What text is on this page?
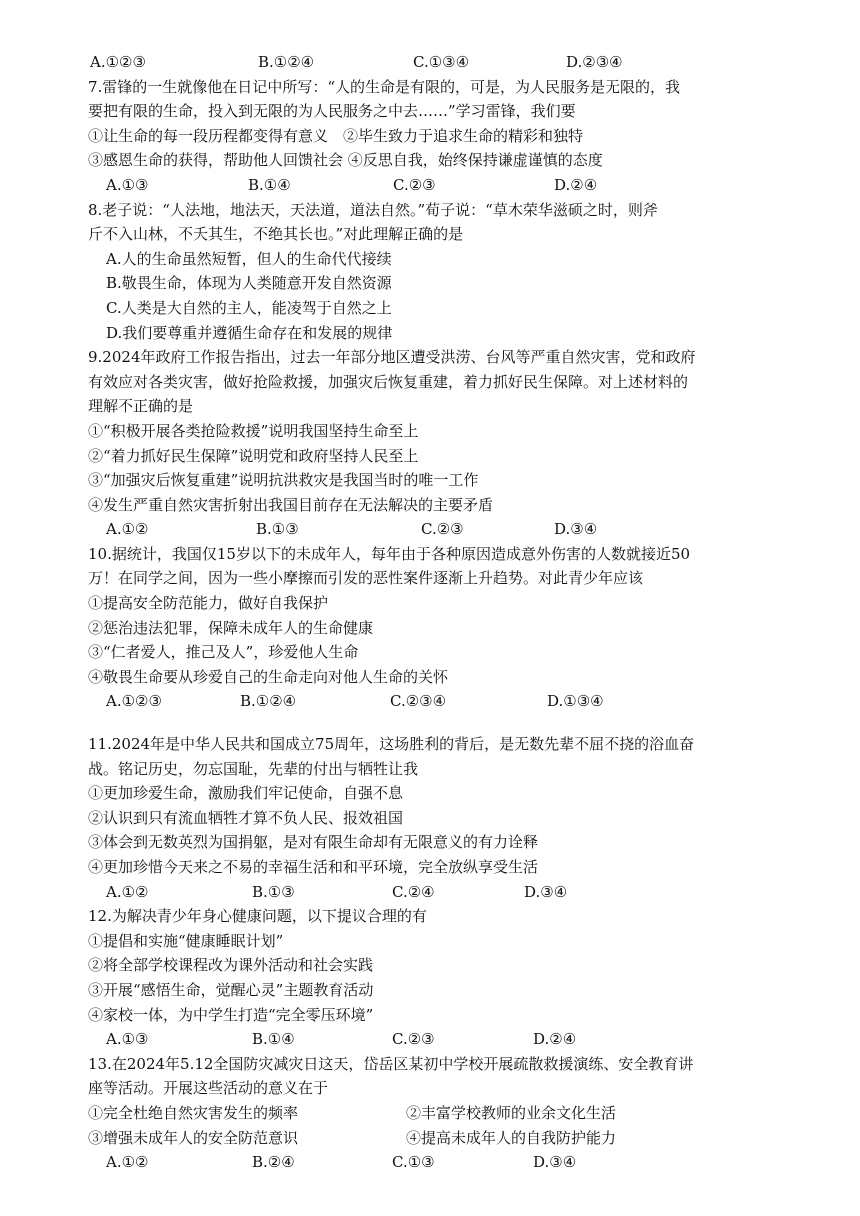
A.①②③	B.①②④	C.①③④	D.②③④
7.雷锋的一生就像他在日记中所写：“人的生命是有限的，可是，为人民服务是无限的，我
要把有限的生命，投入到无限的为人民服务之中去……”学习雷锋，我们要
①让生命的每一段历程都变得有意义　②毕生致力于追求生命的精彩和独特
③感恩生命的获得，帮助他人回馈社会 ④反思自我，始终保持谦虚谨慎的态度
A.①③	B.①④	C.②③	D.②④
8.老子说：“人法地，地法天，天法道，道法自然。”荀子说：“草木荣华滋硕之时，则斧
斤不入山林，不夭其生，不绝其长也。”对此理解正确的是
A.人的生命虽然短暂，但人的生命代代接续
B.敬畏生命，体现为人类随意开发自然资源
C.人类是大自然的主人，能凌驾于自然之上
D.我们要尊重并遵循生命存在和发展的规律
9.2024年政府工作报告指出，过去一年部分地区遭受洪涝、台风等严重自然灾害，党和政府
有效应对各类灾害，做好抢险救援，加强灾后恢复重建，着力抓好民生保障。对上述材料的
理解不正确的是
①“积极开展各类抢险救援”说明我国坚持生命至上
②“着力抓好民生保障”说明党和政府坚持人民至上
③“加强灾后恢复重建”说明抗洪救灾是我国当时的唯一工作
④发生严重自然灾害折射出我国目前存在无法解决的主要矛盾
A.①②	B.①③	C.②③	D.③④
10.据统计，我国仅15岁以下的未成年人，每年由于各种原因造成意外伤害的人数就接近50
万！在同学之间，因为一些小摩擦而引发的恶性案件逐渐上升趋势。对此青少年应该
①提高安全防范能力，做好自我保护
②惩治违法犯罪，保障未成年人的生命健康
③“仁者爱人，推己及人”，珍爱他人生命
④敬畏生命要从珍爱自己的生命走向对他人生命的关怀
A.①②③	B.①②④	C.②③④	D.①③④
11.2024年是中华人民共和国成立75周年，这场胜利的背后，是无数先辈不屈不挠的浴血奋
战。铭记历史，勿忘国耻，先辈的付出与牺牲让我
①更加珍爱生命，激励我们牢记使命，自强不息
②认识到只有流血牺牲才算不负人民、报效祖国
③体会到无数英烈为国捐躯，是对有限生命却有无限意义的有力诠释
④更加珍惜今天来之不易的幸福生活和和平环境，完全放纵享受生活
A.①②	B.①③	C.②④	D.③④
12.为解决青少年身心健康问题，以下提议合理的有
①提倡和实施“健康睡眠计划”
②将全部学校课程改为课外活动和社会实践
③开展“感悟生命，觉醒心灵”主题教育活动
④家校一体，为中学生打造“完全零压环境”
A.①③	B.①④	C.②③	D.②④
13.在2024年5.12全国防灾减灾日这天，岱岳区某初中学校开展疏散救援演练、安全教育讲
座等活动。开展这些活动的意义在于
①完全杜绝自然灾害发生的频率	②丰富学校教师的业余文化生活
③增强未成年人的安全防范意识	④提高未成年人的自我防护能力
A.①②	B.②④	C.①③	D.③④
